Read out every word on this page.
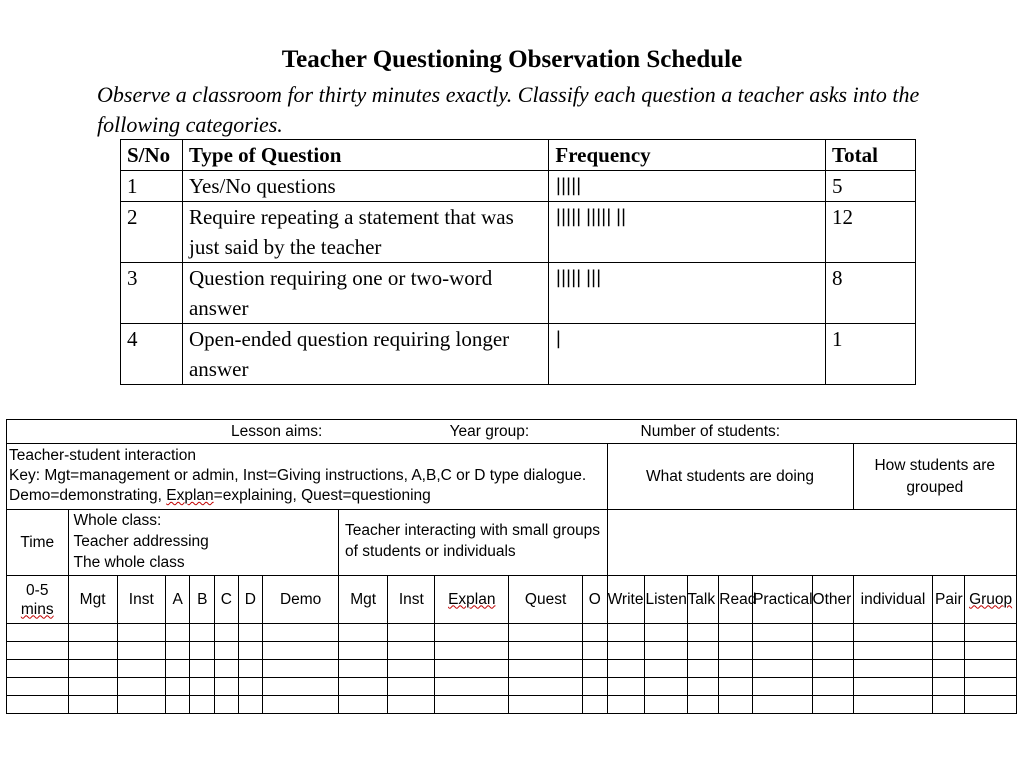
Teacher Questioning Observation Schedule

Observe a classroom for thirty minutes exactly. Classify each question a teacher asks into the following categories.

S/No	Type of Question	Frequency	Total
1	Yes/No questions	|||||	5
2	Require repeating a statement that was just said by the teacher	||||| ||||| ||	12
3	Question requiring one or two-word answer	||||| |||	8
4	Open-ended question requiring longer answer	|	1
Lesson aims: Year group: Number of students:																					

Teacher-student interaction
Key: Mgt=management or admin, Inst=Giving instructions, A,B,C or D type dialogue.
Demo=demonstrating, Explan=explaining, Quest=questioning													What students are doing						How students are grouped		
Time	Whole class:
Teacher addressing
The whole class							Teacher interacting with small groups of students or individuals													

0-5
mins	Mgt	Inst	A	B	C	D	Demo	Mgt	Inst	Explan	Quest	O	Write	Listen	Talk	Read	Practical	Other	individual	Pair	Gruop
